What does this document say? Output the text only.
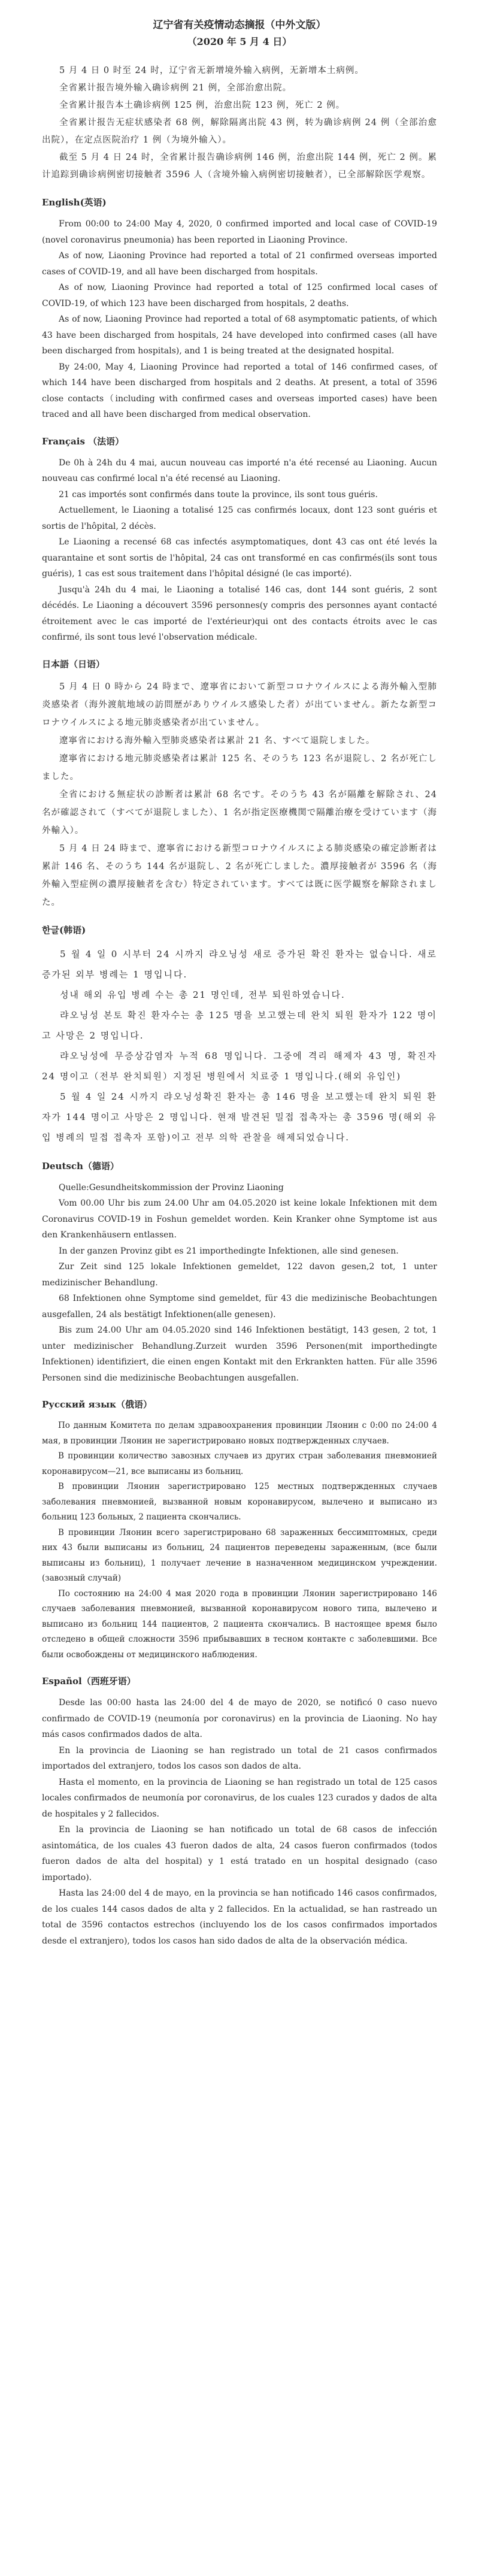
辽宁省有关疫情动态摘报（中外文版）
（2020 年 5 月 4 日）

5 月 4 日 0 时至 24 时，辽宁省无新增境外输入病例，无新增本土病例。

全省累计报告境外输入确诊病例 21 例，全部治愈出院。

全省累计报告本土确诊病例 125 例，治愈出院 123 例，死亡 2 例。

全省累计报告无症状感染者 68 例，解除隔离出院 43 例，转为确诊病例 24 例（全部治愈出院），在定点医院治疗 1 例（为境外输入）。

截至 5 月 4 日 24 时，全省累计报告确诊病例 146 例，治愈出院 144 例，死亡 2 例。累计追踪到确诊病例密切接触者 3596 人（含境外输入病例密切接触者），已全部解除医学观察。

English(英语)

From 00:00 to 24:00 May 4, 2020, 0 confirmed imported and local case of COVID-19 (novel coronavirus pneumonia) has been reported in Liaoning Province.

As of now, Liaoning Province had reported a total of 21 confirmed overseas imported cases of COVID-19, and all have been discharged from hospitals.

As of now, Liaoning Province had reported a total of 125 confirmed local cases of COVID-19, of which 123 have been discharged from hospitals, 2 deaths.

As of now, Liaoning Province had reported a total of 68 asymptomatic patients, of which 43 have been discharged from hospitals, 24 have developed into confirmed cases (all have been discharged from hospitals), and 1 is being treated at the designated hospital.

By 24:00, May 4, Liaoning Province had reported a total of 146 confirmed cases, of which 144 have been discharged from hospitals and 2 deaths. At present, a total of 3596 close contacts（including with confirmed cases and overseas imported cases) have been traced and all have been discharged from medical observation.

Français （法语）

De 0h à 24h du 4 mai, aucun nouveau cas importé n'a été recensé au Liaoning. Aucun nouveau cas confirmé local n'a été recensé au Liaoning.

21 cas importés sont confirmés dans toute la province, ils sont tous guéris.

Actuellement, le Liaoning a totalisé 125 cas confirmés locaux, dont 123 sont guéris et sortis de l'hôpital, 2 décès.

Le Liaoning a recensé 68 cas infectés asymptomatiques, dont 43 cas ont été levés la quarantaine et sont sortis de l'hôpital, 24 cas ont transformé en cas confirmés(ils sont tous guéris), 1 cas est sous traitement dans l'hôpital désigné (le cas importé).

Jusqu'à 24h du 4 mai, le Liaoning a totalisé 146 cas, dont 144 sont guéris, 2 sont décédés. Le Liaoning a découvert 3596 personnes(y compris des personnes ayant contacté étroitement avec le cas importé de l'extérieur)qui ont des contacts étroits avec le cas confirmé, ils sont tous levé l'observation médicale.

日本語（日语）

5 月 4 日 0 時から 24 時まで、遼寧省において新型コロナウイルスによる海外輸入型肺炎感染者（海外渡航地域の訪問歴がありウイルス感染した者）が出ていません。新たな新型コロナウイルスによる地元肺炎感染者が出ていません。

遼寧省における海外輸入型肺炎感染者は累計 21 名、すべて退院しました。

遼寧省における地元肺炎感染者は累計 125 名、そのうち 123 名が退院し、2 名が死亡しました。

全省における無症状の診断者は累計 68 名です。そのうち 43 名が隔離を解除され、24 名が確認されて（すべてが退院しました）、1 名が指定医療機関で隔離治療を受けています（海外輸入）。

5 月 4 日 24 時まで、遼寧省における新型コロナウイルスによる肺炎感染の確定診断者は累計 146 名、そのうち 144 名が退院し、2 名が死亡しました。濃厚接触者が 3596 名（海外輸入型症例の濃厚接触者を含む）特定されています。すべては既に医学観察を解除されました。

한글(韩语)

5 월 4 일 0 시부터 24 시까지 랴오닝성 새로 증가된 확진 환자는 없습니다. 새로 증가된 외부 병례는 1 명입니다.

성내 해외 유입 병례 수는 총 21 명인데, 전부 퇴원하였습니다.

랴오닝성 본토 확진 환자수는 총 125 명을 보고했는데 완치 퇴원 환자가 122 명이고 사망은 2 명입니다.

랴오닝성에 무증상감염자 누적 68 명입니다. 그중에 격리 해제자 43 명, 확진자 24 명이고（전부 완치퇴원）지정된 병원에서 치료중 1 명입니다.(해외 유입인)

5 월 4 일 24 시까지 랴오닝성확진 환자는 총 146 명을 보고했는데 완치 퇴원 환자가 144 명이고 사망은 2 명입니다. 현재 발견된 밀접 접촉자는 총 3596 명(해외 유입 병례의 밀접 접촉자 포함)이고 전부 의학 관찰을 해제되었습니다.

Deutsch（德语）

Quelle:Gesundheitskommission der Provinz Liaoning

Vom 00.00 Uhr bis zum 24.00 Uhr am 04.05.2020 ist keine lokale Infektionen mit dem Coronavirus COVID-19 in Foshun gemeldet worden. Kein Kranker ohne Symptome ist aus den Krankenhäusern entlassen.

In der ganzen Provinz gibt es 21 importhedingte Infektionen, alle sind genesen.

Zur Zeit sind 125 lokale Infektionen gemeldet, 122 davon gesen,2 tot, 1 unter medizinischer Behandlung.

68 Infektionen ohne Symptome sind gemeldet, für 43 die medizinische Beobachtungen ausgefallen, 24 als bestätigt Infektionen(alle genesen).

Bis zum 24.00 Uhr am 04.05.2020 sind 146 Infektionen bestätigt, 143 gesen, 2 tot, 1 unter medizinischer Behandlung.Zurzeit wurden 3596 Personen(mit importhedingte Infektionen) identifiziert, die einen engen Kontakt mit den Erkrankten hatten. Für alle 3596 Personen sind die medizinische Beobachtungen ausgefallen.

Русский язык（俄语）

По данным Комитета по делам здравоохранения провинции Ляонин с 0:00 по 24:00 4 мая, в провинции Ляонин не зарегистрировано новых подтвержденных случаев.

В провинции количество завозных случаев из других стран заболевания пневмонией коронавирусом—21, все выписаны из больниц.

В провинции Ляонин зарегистрировано 125 местных подтвержденных случаев заболевания пневмонией, вызванной новым коронавирусом, вылечено и выписано из больниц 123 больных, 2 пациента скончались.

В провинции Ляонин всего зарегистрировано 68 зараженных бессимптомных, среди них 43 были выписаны из больниц, 24 пациентов переведены зараженным, (все были выписаны из больниц), 1 получает лечение в назначенном медицинском учреждении.(завозный случай)

По состоянию на 24:00 4 мая 2020 года в провинции Ляонин зарегистрировано 146 случаев заболевания пневмонией, вызванной коронавирусом нового типа, вылечено и выписано из больниц 144 пациентов, 2 пациента скончались. В настоящее время было отследено в общей сложности 3596 прибывавших в тесном контакте с заболевшими. Все были освобождены от медицинского наблюдения.

Español（西班牙语）

Desde las 00:00 hasta las 24:00 del 4 de mayo de 2020, se notificó 0 caso nuevo confirmado de COVID-19 (neumonía por coronavirus) en la provincia de Liaoning. No hay más casos confirmados dados de alta.

En la provincia de Liaoning se han registrado un total de 21 casos confirmados importados del extranjero, todos los casos son dados de alta.

Hasta el momento, en la provincia de Liaoning se han registrado un total de 125 casos locales confirmados de neumonía por coronavirus, de los cuales 123 curados y dados de alta de hospitales y 2 fallecidos.

En la provincia de Liaoning se han notificado un total de 68 casos de infección asintomática, de los cuales 43 fueron dados de alta, 24 casos fueron confirmados (todos fueron dados de alta del hospital) y 1 está tratado en un hospital designado (caso importado).

Hasta las 24:00 del 4 de mayo, en la provincia se han notificado 146 casos confirmados, de los cuales 144 casos dados de alta y 2 fallecidos. En la actualidad, se han rastreado un total de 3596 contactos estrechos (incluyendo los de los casos confirmados importados desde el extranjero), todos los casos han sido dados de alta de la observación médica.
